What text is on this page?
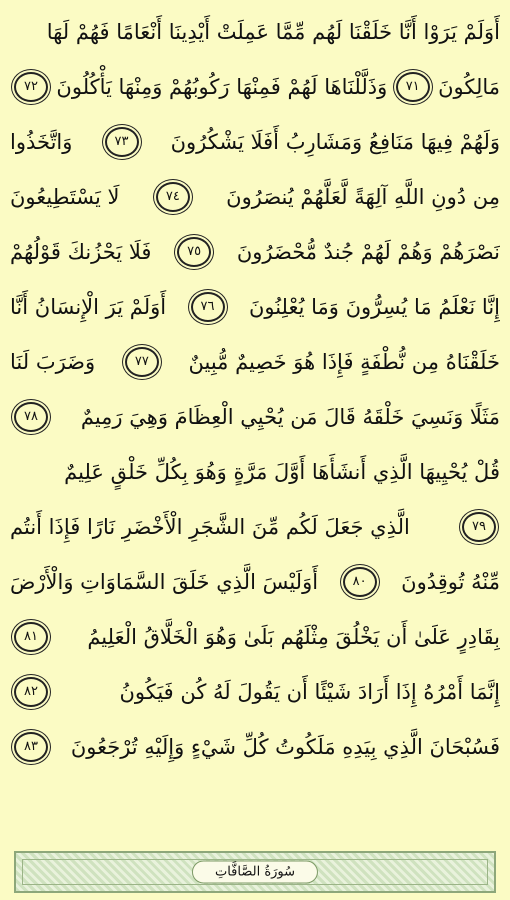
أَوَلَمْ يَرَوْا أَنَّا خَلَقْنَا لَهُم مِّمَّا عَمِلَتْ أَيْدِينَا أَنْعَامًا فَهُمْ لَهَا
مَالِكُونَ
٧١
وَذَلَّلْنَاهَا لَهُمْ فَمِنْهَا رَكُوبُهُمْ وَمِنْهَا يَأْكُلُونَ
٧٢
وَلَهُمْ فِيهَا مَنَافِعُ وَمَشَارِبُ أَفَلَا يَشْكُرُونَ
٧٣
وَاتَّخَذُوا
مِن دُونِ اللَّهِ آلِهَةً لَّعَلَّهُمْ يُنصَرُونَ
٧٤
لَا يَسْتَطِيعُونَ
نَصْرَهُمْ وَهُمْ لَهُمْ جُندٌ مُّحْضَرُونَ
٧٥
فَلَا يَحْزُنكَ قَوْلُهُمْ
إِنَّا نَعْلَمُ مَا يُسِرُّونَ وَمَا يُعْلِنُونَ
٧٦
أَوَلَمْ يَرَ الْإِنسَانُ أَنَّا
خَلَقْنَاهُ مِن نُّطْفَةٍ فَإِذَا هُوَ خَصِيمٌ مُّبِينٌ
٧٧
وَضَرَبَ لَنَا
مَثَلًا وَنَسِيَ خَلْقَهُ قَالَ مَن يُحْيِي الْعِظَامَ وَهِيَ رَمِيمٌ
٧٨
قُلْ يُحْيِيهَا الَّذِي أَنشَأَهَا أَوَّلَ مَرَّةٍ وَهُوَ بِكُلِّ خَلْقٍ عَلِيمٌ
٧٩
الَّذِي جَعَلَ لَكُم مِّنَ الشَّجَرِ الْأَخْضَرِ نَارًا فَإِذَا أَنتُم
مِّنْهُ تُوقِدُونَ
٨٠
أَوَلَيْسَ الَّذِي خَلَقَ السَّمَاوَاتِ وَالْأَرْضَ
بِقَادِرٍ عَلَىٰ أَن يَخْلُقَ مِثْلَهُم بَلَىٰ وَهُوَ الْخَلَّاقُ الْعَلِيمُ
٨١
إِنَّمَا أَمْرُهُ إِذَا أَرَادَ شَيْئًا أَن يَقُولَ لَهُ كُن فَيَكُونُ
٨٢
فَسُبْحَانَ الَّذِي بِيَدِهِ مَلَكُوتُ كُلِّ شَيْءٍ وَإِلَيْهِ تُرْجَعُونَ
٨٣
سُورَةُ الصَّافَّاتِ
